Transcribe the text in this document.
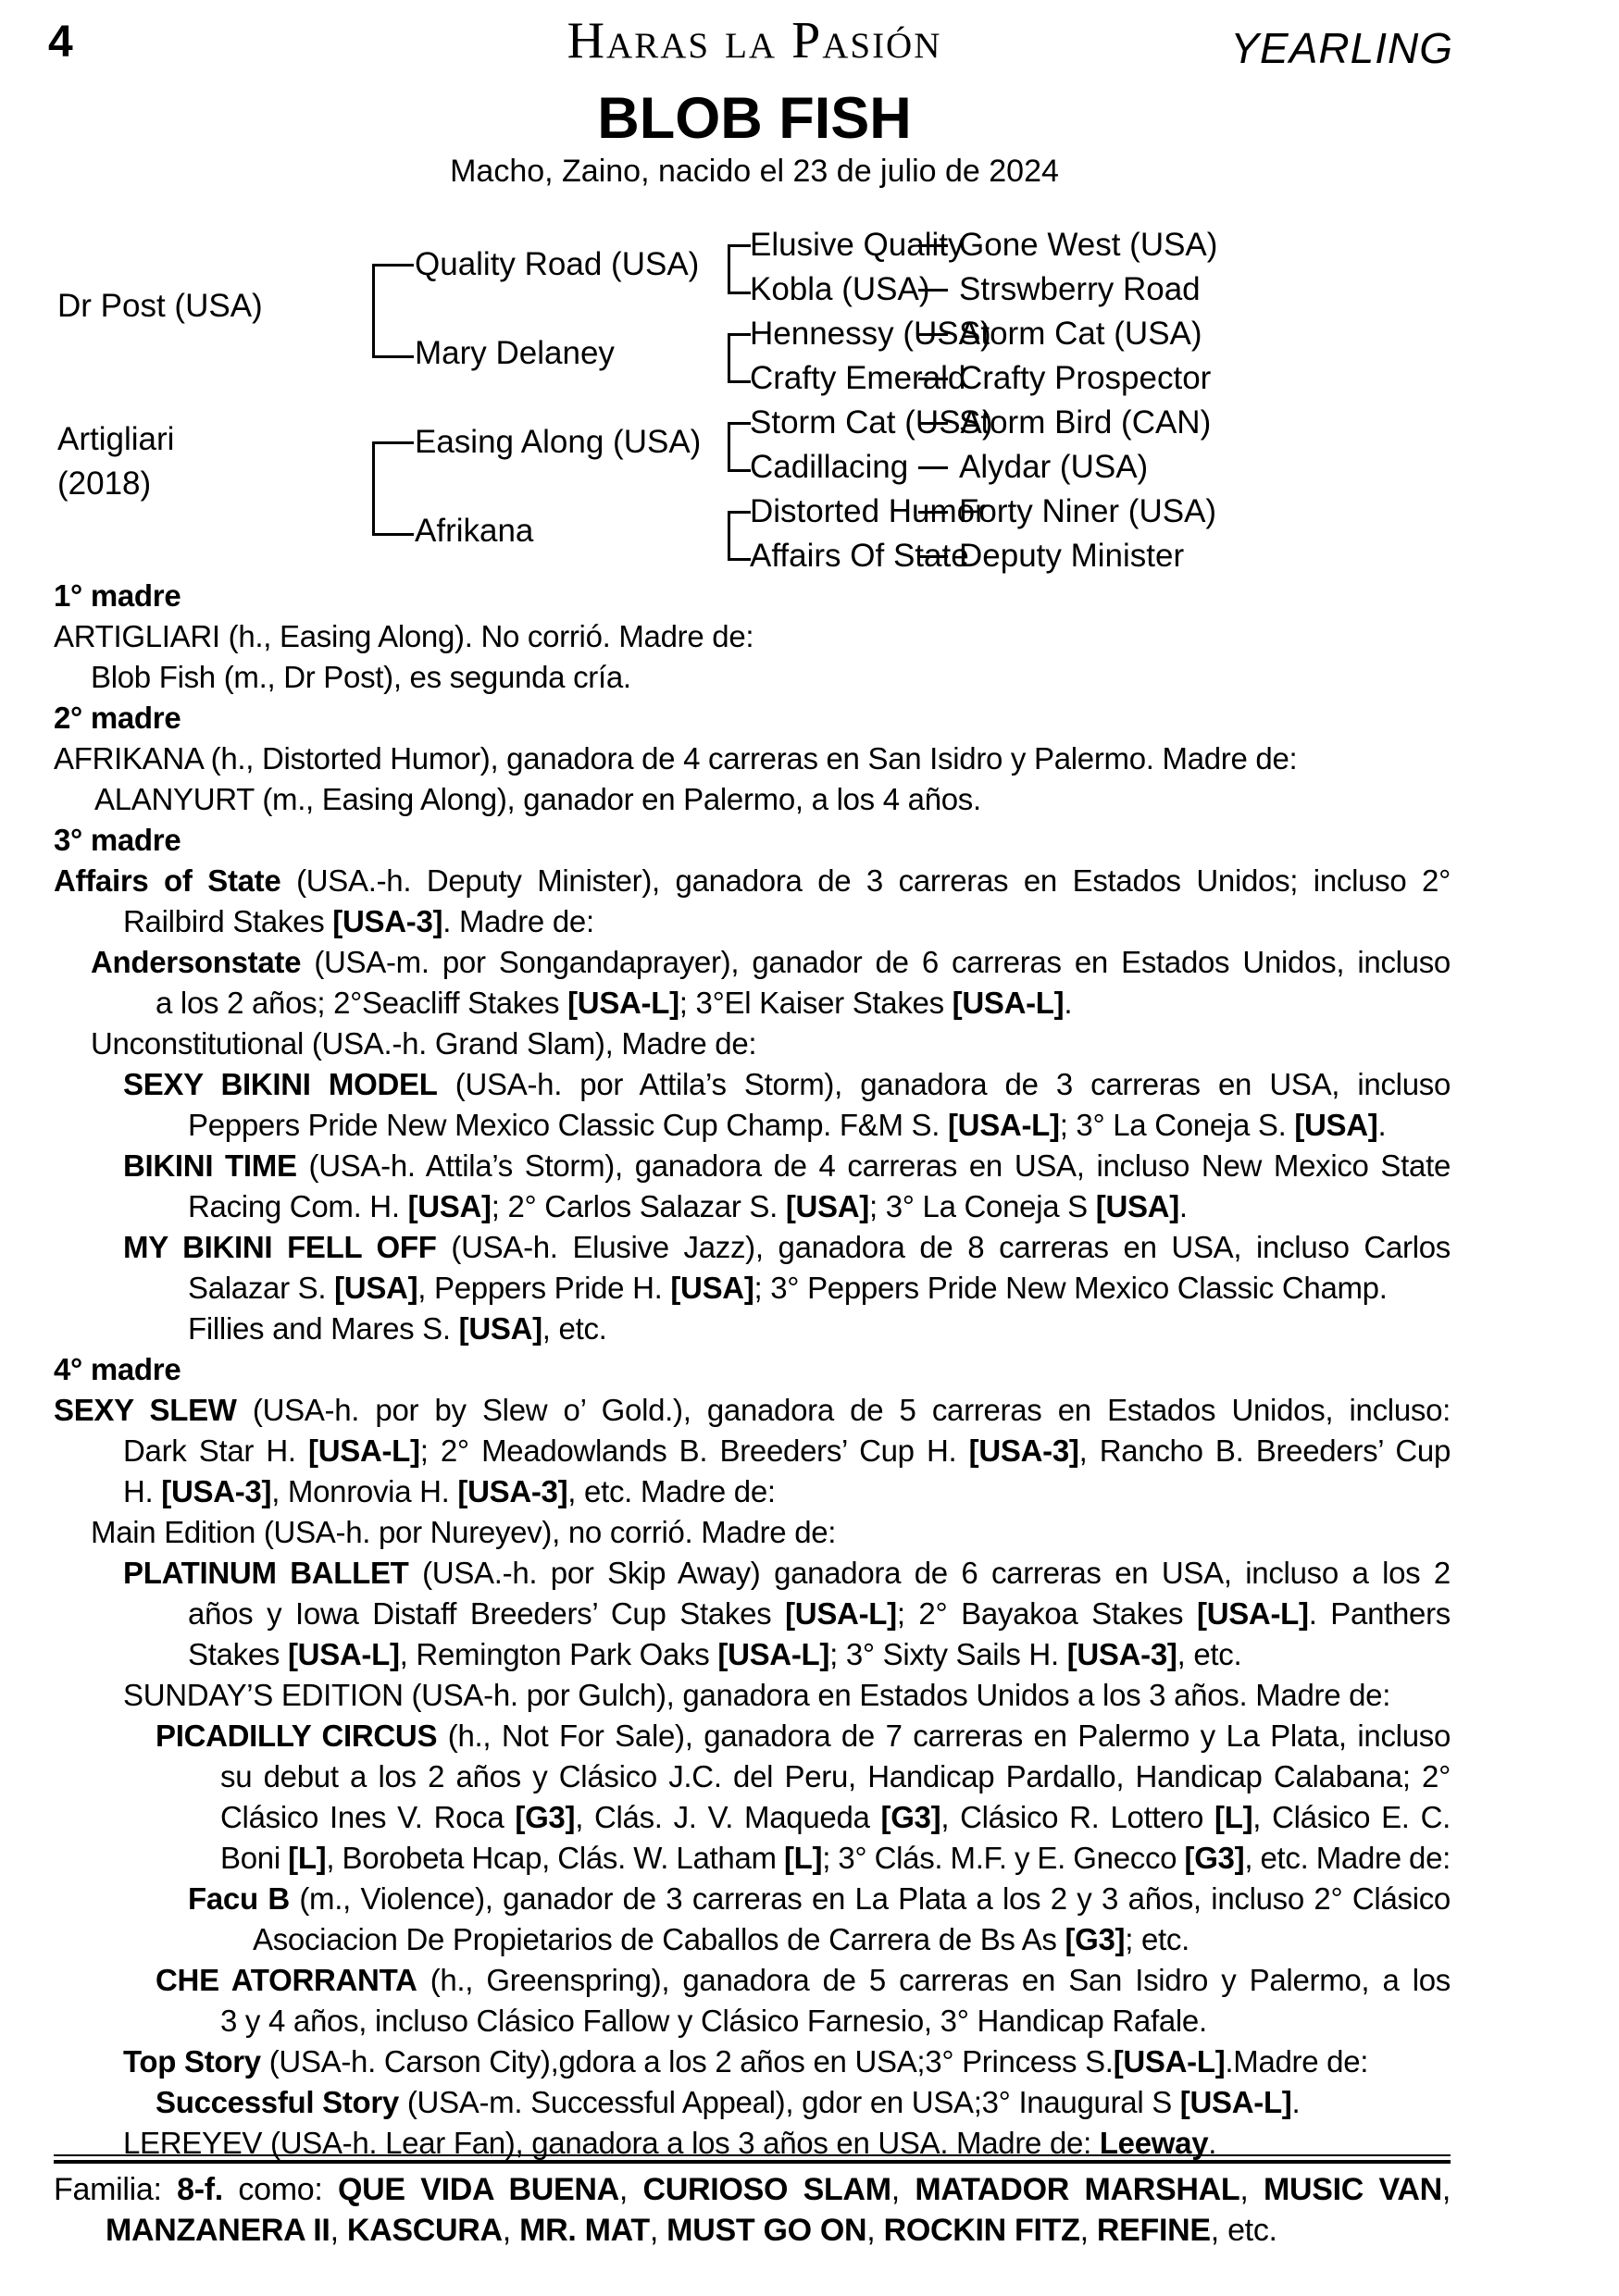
4	Haras la Pasión	YEARLING
BLOB FISH
Macho, Zaino, nacido el 23 de julio de 2024
Dr Post (USA)
Artigliari
(2018)
Quality Road (USA)
Mary Delaney
Easing Along (USA)
Afrikana
Elusive Quality
Kobla (USA)
Hennessy (USA)
Crafty Emerald
Storm Cat (USA)
Cadillacing
Distorted Humor
Affairs Of State
Gone West (USA)
Strswberry Road
Storm Cat (USA)
Crafty Prospector
Storm Bird (CAN)
Alydar (USA)
Forty Niner (USA)
Deputy Minister
1° madre
ARTIGLIARI (h., Easing Along). No corrió. Madre de:
Blob Fish (m., Dr Post), es segunda cría.
2° madre
AFRIKANA (h., Distorted Humor), ganadora de 4 carreras en San Isidro y Palermo. Madre de:
ALANYURT (m., Easing Along), ganador en Palermo, a los 4 años.
3° madre
Affairs of State (USA.-h. Deputy Minister), ganadora de 3 carreras en Estados Unidos; incluso 2°
Railbird Stakes [USA-3]. Madre de:
Andersonstate (USA-m. por Songandaprayer), ganador de 6 carreras en Estados Unidos, incluso
a los 2 años; 2°Seacliff Stakes [USA-L]; 3°El Kaiser Stakes [USA-L].
Unconstitutional (USA.-h. Grand Slam), Madre de:
SEXY BIKINI MODEL (USA-h. por Attila’s Storm), ganadora de 3 carreras en USA, incluso
Peppers Pride New Mexico Classic Cup Champ. F&M S. [USA-L]; 3° La Coneja S. [USA].
BIKINI TIME (USA-h. Attila’s Storm), ganadora de 4 carreras en USA, incluso New Mexico State
Racing Com. H. [USA]; 2° Carlos Salazar S. [USA]; 3° La Coneja S [USA].
MY BIKINI FELL OFF (USA-h. Elusive Jazz), ganadora de 8 carreras en USA, incluso Carlos
Salazar S. [USA], Peppers Pride H. [USA]; 3° Peppers Pride New Mexico Classic Champ.
Fillies and Mares S. [USA], etc.
4° madre
SEXY SLEW (USA-h. por by Slew o’ Gold.), ganadora de 5 carreras en Estados Unidos, incluso:
Dark Star H. [USA-L]; 2° Meadowlands B. Breeders’ Cup H. [USA-3], Rancho B. Breeders’ Cup
H. [USA-3], Monrovia H. [USA-3], etc. Madre de:
Main Edition (USA-h. por Nureyev), no corrió. Madre de:
PLATINUM BALLET (USA.-h. por Skip Away) ganadora de 6 carreras en USA, incluso a los 2
años y Iowa Distaff Breeders’ Cup Stakes [USA-L]; 2° Bayakoa Stakes [USA-L]. Panthers
Stakes [USA-L], Remington Park Oaks [USA-L]; 3° Sixty Sails H. [USA-3], etc.
SUNDAY’S EDITION (USA-h. por Gulch), ganadora en Estados Unidos a los 3 años. Madre de:
PICADILLY CIRCUS (h., Not For Sale), ganadora de 7 carreras en Palermo y La Plata, incluso
su debut a los 2 años y Clásico J.C. del Peru, Handicap Pardallo, Handicap Calabana; 2°
Clásico Ines V. Roca [G3], Clás. J. V. Maqueda [G3], Clásico R. Lottero [L], Clásico E. C.
Boni [L], Borobeta Hcap, Clás. W. Latham [L]; 3° Clás. M.F. y E. Gnecco [G3], etc. Madre de:
Facu B (m., Violence), ganador de 3 carreras en La Plata a los 2 y 3 años, incluso 2° Clásico
Asociacion De Propietarios de Caballos de Carrera de Bs As [G3]; etc.
CHE ATORRANTA (h., Greenspring), ganadora de 5 carreras en San Isidro y Palermo, a los
3 y 4 años, incluso Clásico Fallow y Clásico Farnesio, 3° Handicap Rafale.
Top Story (USA-h. Carson City),gdora a los 2 años en USA;3° Princess S.[USA-L].Madre de:
Successful Story (USA-m. Successful Appeal), gdor en USA;3° Inaugural S [USA-L].
LEREYEV (USA-h. Lear Fan), ganadora a los 3 años en USA. Madre de: Leeway.
Familia: 8-f. como: QUE VIDA BUENA, CURIOSO SLAM, MATADOR MARSHAL, MUSIC VAN,
MANZANERA II, KASCURA, MR. MAT, MUST GO ON, ROCKIN FITZ, REFINE, etc.
